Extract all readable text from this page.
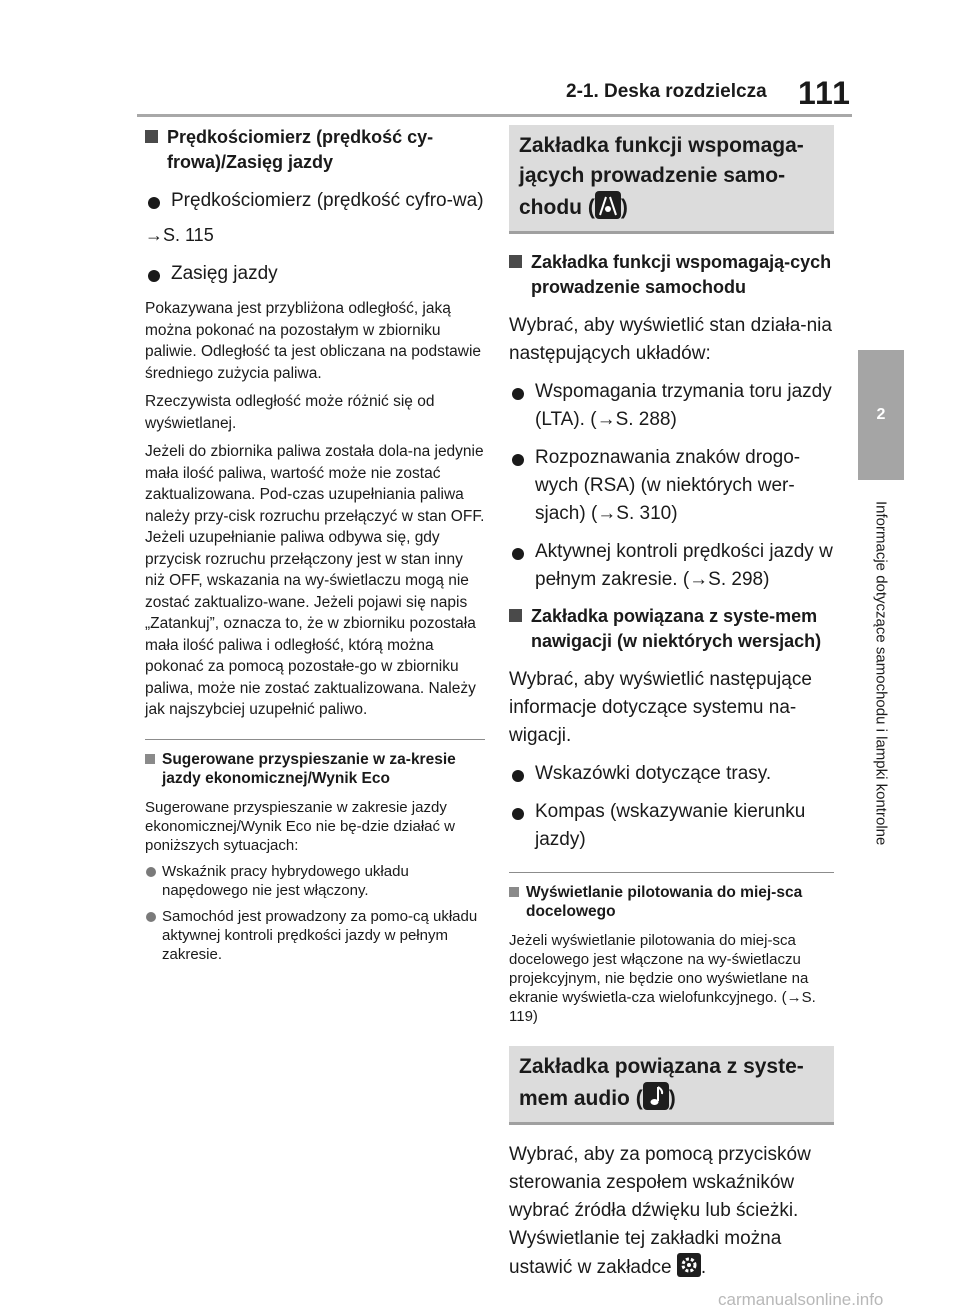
2-1. Deska rozdzielcza 111
2
Informacje dotyczące samochodu i lampki kontrolne
Prędkościomierz (prędkość cy-frowa)/Zasięg jazdy
Prędkościomierz (prędkość cyfro-wa)

→S. 115

Zasięg jazdy

Pokazywana jest przybliżona odległość, jaką można pokonać na pozostałym w zbiorniku paliwie. Odległość ta jest obliczana na podstawie średniego zużycia paliwa.

Rzeczywista odległość może różnić się od wyświetlanej.

Jeżeli do zbiornika paliwa została dola-na jedynie mała ilość paliwa, wartość może nie zostać zaktualizowana. Pod-czas uzupełniania paliwa należy przy-cisk rozruchu przełączyć w stan OFF. Jeżeli uzupełnianie paliwa odbywa się, gdy przycisk rozruchu przełączony jest w stan inny niż OFF, wskazania na wy-świetlaczu mogą nie zostać zaktualizo-wane. Jeżeli pojawi się napis „Zatankuj”, oznacza to, że w zbiorniku pozostała mała ilość paliwa i odległość, którą można pokonać za pomocą pozostałe-go w zbiorniku paliwa, może nie zostać zaktualizowana. Należy jak najszybciej uzupełnić paliwo.

Sugerowane przyspieszanie w za-kresie jazdy ekonomicznej/Wynik Eco

Sugerowane przyspieszanie w zakresie jazdy ekonomicznej/Wynik Eco nie bę-dzie działać w poniższych sytuacjach:

Wskaźnik pracy hybrydowego układu napędowego nie jest włączony.
Samochód jest prowadzony za pomo-cą układu aktywnej kontroli prędkości jazdy w pełnym zakresie.
Zakładka funkcji wspomaga-jących prowadzenie samo-chodu ( )
Zakładka funkcji wspomagają-cych prowadzenie samochodu

Wybrać, aby wyświetlić stan działa-nia następujących układów:

Wspomagania trzymania toru jazdy (LTA). (→S. 288)
Rozpoznawania znaków drogo-wych (RSA) (w niektórych wer-sjach) (→S. 310)
Aktywnej kontroli prędkości jazdy w pełnym zakresie. (→S. 298)
Zakładka powiązana z syste-mem nawigacji (w niektórych wersjach)

Wybrać, aby wyświetlić następujące informacje dotyczące systemu na-wigacji.

Wskazówki dotyczące trasy.
Kompas (wskazywanie kierunku jazdy)
Wyświetlanie pilotowania do miej-sca docelowego

Jeżeli wyświetlanie pilotowania do miej-sca docelowego jest włączone na wy-świetlaczu projekcyjnym, nie będzie ono wyświetlane na ekranie wyświetla-cza wielofunkcyjnego. (→S. 119)

Zakładka powiązana z syste-mem audio ( )

Wybrać, aby za pomocą przycisków sterowania zespołem wskaźników wybrać źródła dźwięku lub ścieżki. Wyświetlanie tej zakładki można ustawić w zakładce .

carmanualsonline.info
